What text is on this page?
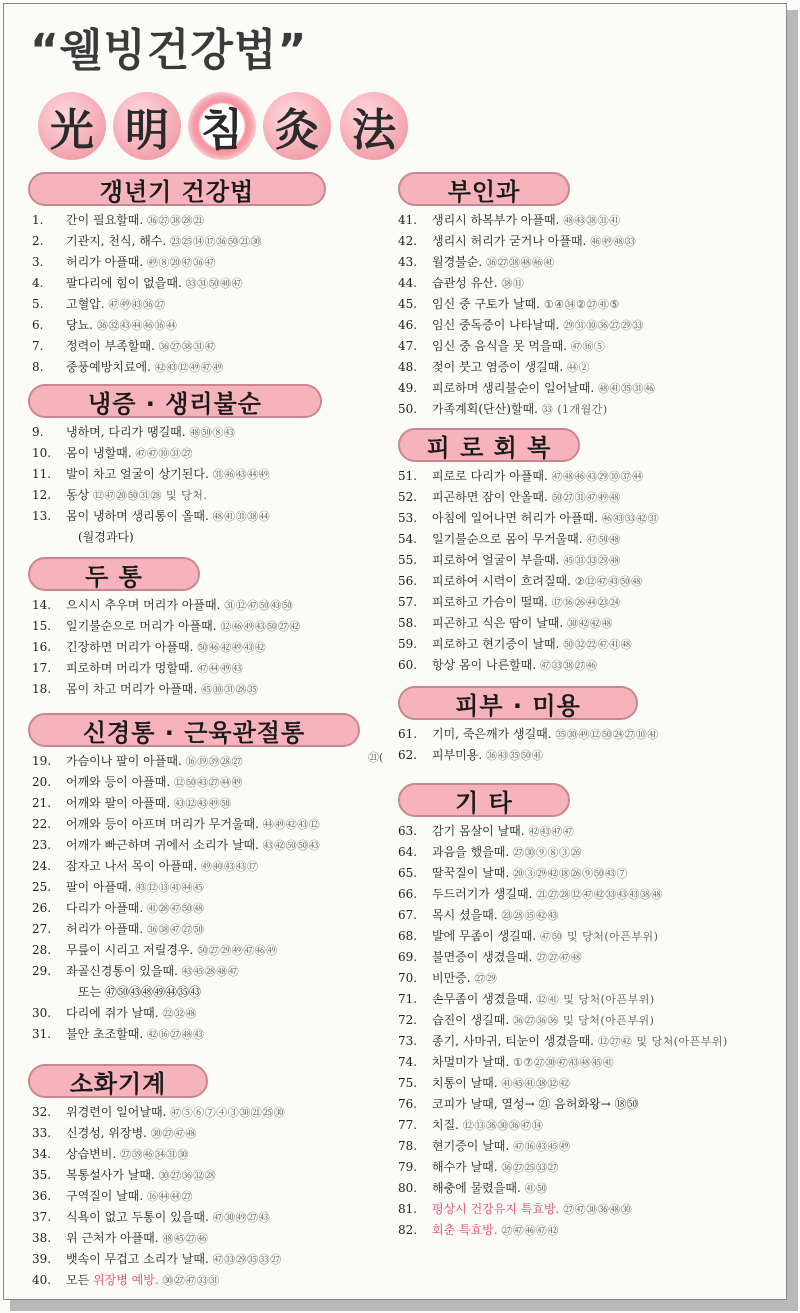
“웰빙건강법”
光 明 침 灸 法
갱년기 건강법
1. 간이 필요할때. ㊱㉗㊳㉘㉑
2. 기관지, 천식, 해수. ㉓㉕⑭⑰㊱㊿㉑㉚
3. 허리가 아플때. ㊾⑧⑳㊼㊱㊼
4. 팔다리에 힘이 없을때. ㉝㉛㊿㊵㊼
5. 고혈압. ㊼㊾㊸㊱㉗
6. 당뇨. ㊱㉜㊸㊹㊻⑯㊹
7. 정력이 부족할때. ㊱㉗㊳㉛㊼
8. 중풍예방치료에. ㊷㊸⑫㊾㊼㊾
냉증 · 생리불순
9. 냉하며, 다리가 땡길때. ㊽㊿⑧㊸
10. 몸이 냉할때. ㊼㊼⑩㉛㉗
11. 발이 차고 얼굴이 상기된다. ㉛㊻㊸㊹㊾
12. 동상 ⑫㊼⑳㊿㉛㉘ 및 당처.
13. 몸이 냉하며 생리통이 올때. ㊽㊶㉛㊳㊹
(월경과다)
두 통
14. 으시시 추우며 머리가 아플때. ㉛⑫㊼㊿㊸㊿
15. 일기불순으로 머리가 아플때. ⑫㊻㊾㊸㊿㉗㊷
16. 긴장하면 머리가 아플때. ㊿㊻㊷㊾㊸㊷
17. 피로하며 머리가 멍할때. ㊼㊹㊾㊸
18. 몸이 차고 머리가 아플때. ㊺⑩㉛㉘㉟
신경통 · 근육관절통
19. 가슴이나 팔이 아플때. ⑯⑲㊴㉘㉗
20. 어깨와 등이 아플때. ⑫㊿㊸㉗㊹㊾
21. 어깨와 팔이 아플때. ㊸⑫㊸㊾㊿
22. 어깨와 등이 아프며 머리가 무거울때. ㊹㊾㊷㊸⑫
23. 어깨가 빠근하며 귀에서 소리가 날때. ㊸㊷㊿㊿㊸
24. 잠자고 나서 목이 아플때. ㊾㊵㊸㊸⑰
25. 팔이 아플때. ㊸⑫⑬㊶㊹㊺
26. 다리가 아플때. ㊶㉘㊼㊿㊽
27. 허리가 아플때. ㊱㊳㊼㉗㊿
28. 무릎이 시리고 저릴경우. ㊿㉗㉙㊾㊼㊻㊾
29. 좌골신경통이 있을때. ㊸㊺㉘㊽㊼
또는 ㊼㊿㊸㊽㊾㊹㉟㊸
30. 다리에 쥐가 날때. ㉒㉜㊽
31. 불안 초조할때. ㊷⑯㉗㊽㊸
소화기계
32. 위경련이 일어날때. ㊼⑤⑥⑦④③㉚㉑㉕㉚
33. 신경성, 위장병. ㉚㉗㊼㊽
34. 상습변비. ㉗㊴㊻㉞㉛㉚
35. 복통설사가 날때. ㉚㉗㊱㉜㉘
36. 구역질이 날때. ⑯㊹㊹㉗
37. 식욕이 없고 두통이 있을때. ㊼㉚㊾㉗㊸
38. 위 근처가 아플때. ㊽㊺㉗㊻
39. 뱃속이 무겁고 소리가 날때. ㊼㉝㉙㉟㉝㉗
40. 모든 위장병 예방. ㉚㉗㊼㉝㉛
부인과
41. 생리시 하복부가 아플때. ㊽㊸㊳㉛㊶
42. 생리시 허리가 굳거나 아플때. ㊻㊾㊽㉝
43. 월경불순. ㊱㉗㊳㊽㊻㊶
44. 습관성 유산. ㊳⑪
45. 임신 중 구토가 날때. ①④㉞②㉗㊶⑤
46. 임신 중독증이 나타날때. ㉙㉛⑩㊱㉗㉙㉝
47. 임신 중 음식을 못 먹을때. ㊼⑯⑤
48. 젖이 붓고 염증이 생길때. ㊹②
49. 피로하며 생리불순이 일어날때. ㊽㊶㉟㉛㊻
50. 가족계획(단산)할때. ㉝ (1개월간)
피 로 회 복
51. 피로로 다리가 아플때. ㊼㊽㊻㊸㉙⑩㊲㊹
52. 피곤하면 잠이 안올때. ㊿㉗㉛㊼㊾㊽
53. 아침에 일어나면 허리가 아플때. ㊻㊸㉝㊷㉛
54. 일기불순으로 몸이 무거울때. ㊼㊿㊽
55. 피로하여 얼굴이 부을때. ㊺㉛㉝㉙㊽
56. 피로하여 시력이 흐려질때. ②⑫㊼㊸㊿㊽
57. 피로하고 가슴이 떨때. ⑰⑯㉖㊹㉓㉔
58. 피곤하고 식은 땀이 날때. ㉚㊷㊷㊽
59. 피로하고 현기증이 날때. ㊿㉜㉒㊼㊶㊽
60. 항상 몸이 나른할때. ㊼㉝㊳㉗㊻
피부 · 미용
61. 기미, 죽은깨가 생길때. ㉟㉚㊾⑫㊿㉔㉗⑩㊶
62. 피부미용. ㊱㊸㉟㊿㊶
기 타
63. 감기 몸살이 날때. ㊷㊸㊼㊼
64. 과음을 했을때. ㉗㉚⑨⑧③㉖
65. 딸꾹질이 날때. ⑳③㉙㊷⑱㉖⑨㊿㊸⑦
66. 두드러기가 생길때. ㉑㉗㉘⑫㊼㊷㉝㊸㊸㊳㊽
67. 목시 셨을때. ㉓㉘⑮㊷㊸
68. 발에 무좀이 생길때. ㊼㊿ 및 당처(아픈부위)
69. 불면증이 생겼을때. ㉗㉗㊼㊽
70. 비만증. ㉗㉙
71. 손무좀이 생겼을때. ⑫㊶ 및 당처(아픈부위)
72. 습진이 생길때. ㊱㉗㊱㊱ 및 당처(아픈부위)
73. 종기, 사마귀, 티눈이 생겼을때. ⑫㉗㊷ 및 당처(아픈부위)
74. 차멀미가 날때. ①⑦㉗㉚㊼㊸㊽㊺㊶
75. 치통이 날때. ㊶㊺㊶㊳⑫㊷
76. 코피가 날때, 열성→ ㉑ 음허화왕→ ⑱㊿
77. 치질. ⑫⑬㊱㉚㊱㊼⑭
78. 현기증이 날때. ㊼⑯㊸㊺㊾
79. 해수가 날때. ㊱㉗㉕㉝㉗
80. 해충에 물렸을때. ㊶㊿
81. 평상시 건강유지 특효방. ㉗㊼㉚㊱㊽㉚
82. 회춘 특효방. ㉗㊼㊻㊼㊷
㉑(
